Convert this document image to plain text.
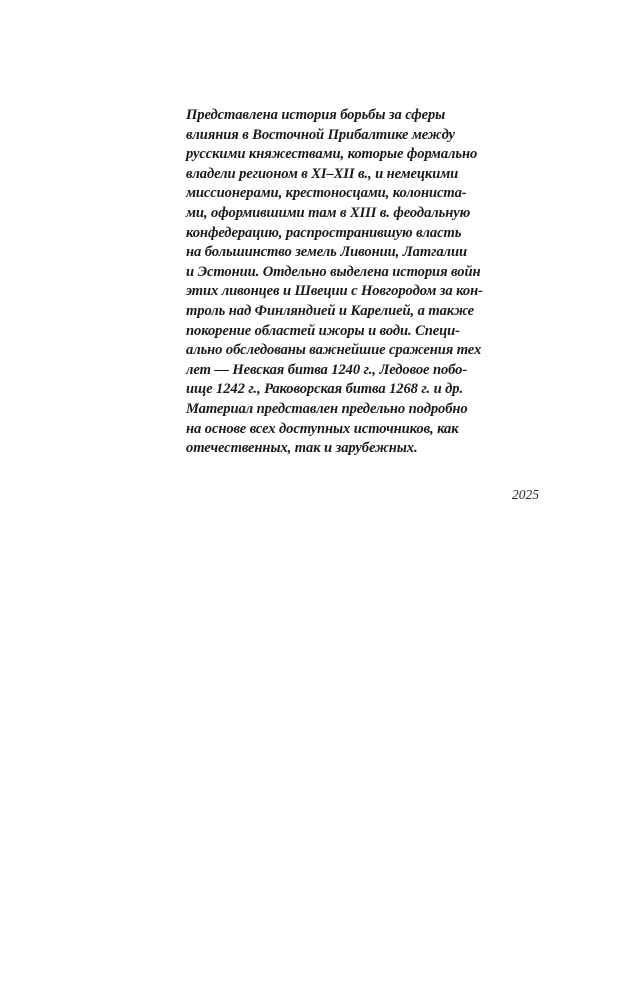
Представлена история борьбы за сферы
влияния в Восточной Прибалтике между
русскими княжествами, которые формально
владели регионом в XI–XII в., и немецкими
миссионерами, крестоносцами, колониста-
ми, оформившими там в XIII в. феодальную
конфедерацию, распространившую власть
на большинство земель Ливонии, Латгалии
и Эстонии. Отдельно выделена история войн
этих ливонцев и Швеции с Новгородом за кон-
троль над Финляндией и Карелией, а также
покорение областей ижоры и води. Специ-
ально обследованы важнейшие сражения тех
лет — Невская битва 1240 г., Ледовое побо-
ище 1242 г., Раковорская битва 1268 г. и др.
Материал представлен предельно подробно
на основе всех доступных источников, как
отечественных, так и зарубежных.

2025
